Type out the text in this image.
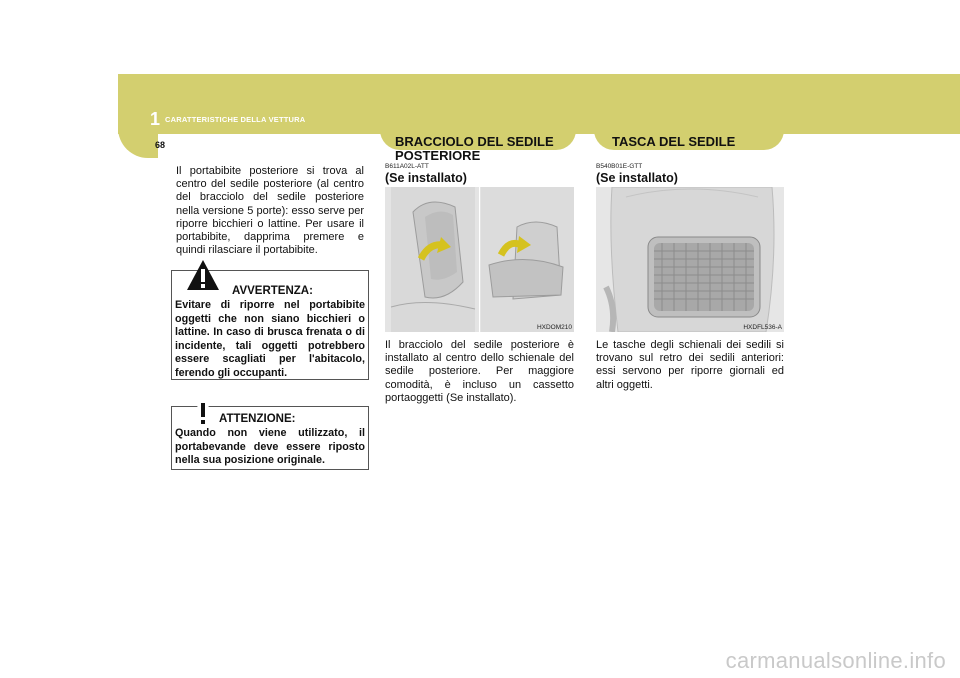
1 CARATTERISTICHE DELLA VETTURA
68
Il portabibite posteriore si trova al centro del sedile posteriore (al centro del bracciolo del sedile posteriore nella versione 5 porte): esso serve per riporre bicchieri o lattine. Per usare il portabibite, dapprima premere e quindi rilasciare il portabibite.
AVVERTENZA:
Evitare di riporre nel portabibite oggetti che non siano bicchieri o lattine. In caso di brusca frenata o di incidente, tali oggetti potrebbero essere scagliati per l'abitacolo, ferendo gli occupanti.
ATTENZIONE:
Quando non viene utilizzato, il portabevande deve essere riposto nella sua posizione originale.
BRACCIOLO DEL SEDILE POSTERIORE
B611A02L-ATT
(Se installato)
HXDOM210
Il bracciolo del sedile posteriore è installato al centro dello schienale del sedile posteriore. Per maggiore comodità, è incluso un cassetto portaoggetti (Se installato).
TASCA DEL SEDILE
B540B01E-GTT
(Se installato)
HXDFL536-A
Le tasche degli schienali dei sedili si trovano sul retro dei sedili anteriori: essi servono per riporre giornali ed altri oggetti.
carmanualsonline.info
